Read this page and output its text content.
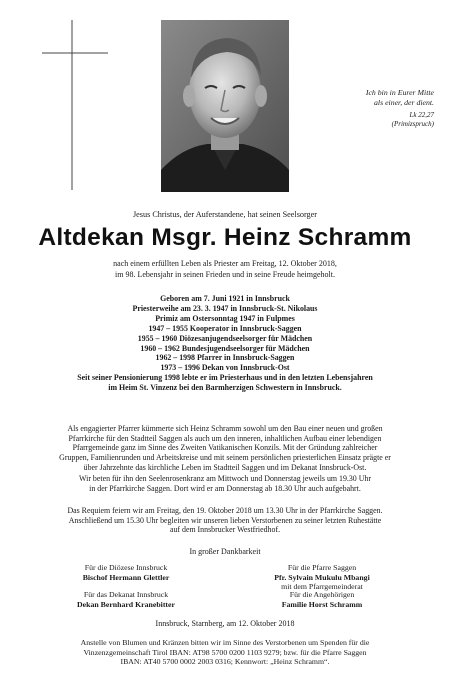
Ich bin in Eurer Mitte
als einer, der dient.
Lk 22,27
(Primizspruch)
Jesus Christus, der Auferstandene, hat seinen Seelsorger
Altdekan Msgr. Heinz Schramm
nach einem erfüllten Leben als Priester am Freitag, 12. Oktober 2018,
im 98. Lebensjahr in seinen Frieden und in seine Freude heimgeholt.
Geboren am 7. Juni 1921 in Innsbruck
Priesterweihe am 23. 3. 1947 in Innsbruck-St. Nikolaus
Primiz am Ostersonntag 1947 in Fulpmes
1947 – 1955 Kooperator in Innsbruck-Saggen
1955 – 1960 Diözesanjugendseelsorger für Mädchen
1960 – 1962 Bundesjugendseelsorger für Mädchen
1962 – 1998 Pfarrer in Innsbruck-Saggen
1973 – 1996 Dekan von Innsbruck-Ost
Seit seiner Pensionierung 1998 lebte er im Priesterhaus und in den letzten Lebensjahren
im Heim St. Vinzenz bei den Barmherzigen Schwestern in Innsbruck.
Als engagierter Pfarrer kümmerte sich Heinz Schramm sowohl um den Bau einer neuen und großen
Pfarrkirche für den Stadtteil Saggen als auch um den inneren, inhaltlichen Aufbau einer lebendigen
Pfarrgemeinde ganz im Sinne des Zweiten Vatikanischen Konzils. Mit der Gründung zahlreicher
Gruppen, Familienrunden und Arbeitskreise und mit seinem persönlichen priesterlichen Einsatz prägte er
über Jahrzehnte das kirchliche Leben im Stadtteil Saggen und im Dekanat Innsbruck-Ost.
Wir beten für ihn den Seelenrosenkranz am Mittwoch und Donnerstag jeweils um 19.30 Uhr
in der Pfarrkirche Saggen. Dort wird er am Donnerstag ab 18.30 Uhr auch aufgebahrt.
Das Requiem feiern wir am Freitag, den 19. Oktober 2018 um 13.30 Uhr in der Pfarrkirche Saggen.
Anschließend um 15.30 Uhr begleiten wir unseren lieben Verstorbenen zu seiner letzten Ruhestätte
auf dem Innsbrucker Westfriedhof.
In großer Dankbarkeit
Für die Diözese Innsbruck
Bischof Hermann Glettler
Für die Pfarre Saggen
Pfr. Sylvain Mukulu Mbangi
mit dem Pfarrgemeinderat
Für das Dekanat Innsbruck
Dekan Bernhard Kranebitter
Für die Angehörigen
Familie Horst Schramm
Innsbruck, Starnberg, am 12. Oktober 2018
Anstelle von Blumen und Kränzen bitten wir im Sinne des Verstorbenen um Spenden für die
Vinzenzgemeinschaft Tirol IBAN: AT98 5700 0200 1103 9279; bzw. für die Pfarre Saggen
IBAN: AT40 5700 0002 2003 0316; Kennwort: „Heinz Schramm“.
